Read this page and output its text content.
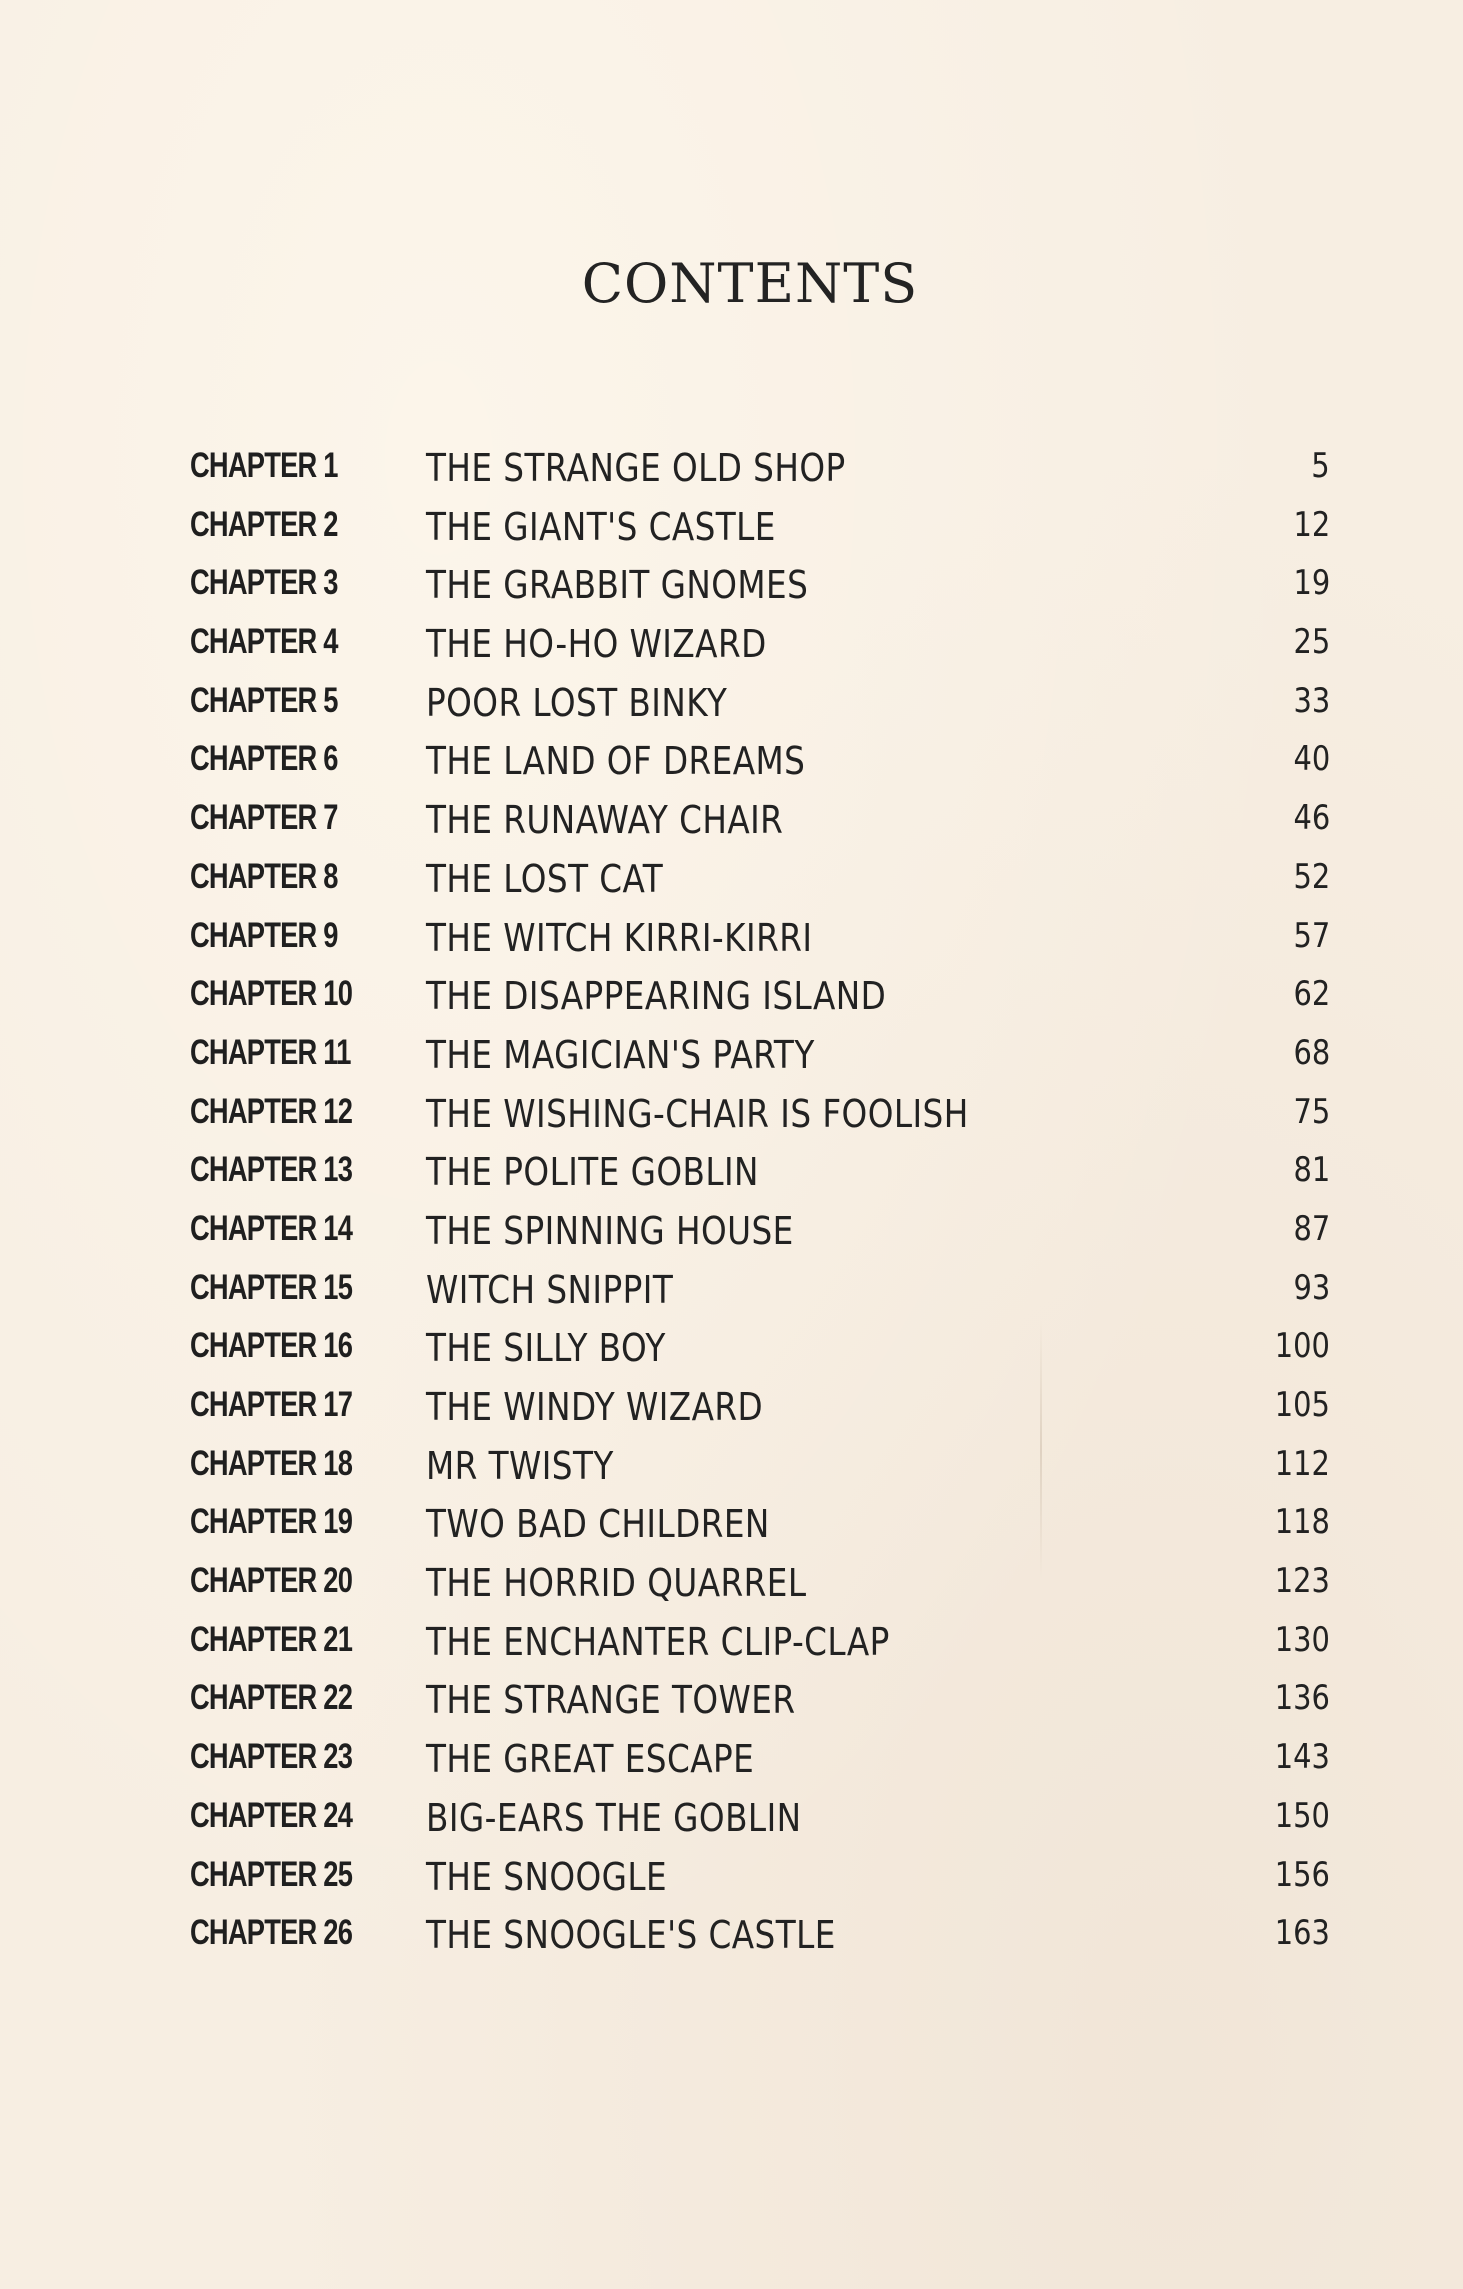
CONTENTS
CHAPTER 1 THE STRANGE OLD SHOP	5
CHAPTER 2 THE GIANT'S CASTLE	12
CHAPTER 3 THE GRABBIT GNOMES	19
CHAPTER 4 THE HO-HO WIZARD	25
CHAPTER 5 POOR LOST BINKY	33
CHAPTER 6 THE LAND OF DREAMS	40
CHAPTER 7 THE RUNAWAY CHAIR	46
CHAPTER 8 THE LOST CAT	52
CHAPTER 9 THE WITCH KIRRI-KIRRI	57
CHAPTER 10 THE DISAPPEARING ISLAND	62
CHAPTER 11 THE MAGICIAN'S PARTY	68
CHAPTER 12 THE WISHING-CHAIR IS FOOLISH	75
CHAPTER 13 THE POLITE GOBLIN	81
CHAPTER 14 THE SPINNING HOUSE	87
CHAPTER 15 WITCH SNIPPIT	93
CHAPTER 16 THE SILLY BOY	100
CHAPTER 17 THE WINDY WIZARD	105
CHAPTER 18 MR TWISTY	112
CHAPTER 19 TWO BAD CHILDREN	118
CHAPTER 20 THE HORRID QUARREL	123
CHAPTER 21 THE ENCHANTER CLIP-CLAP	130
CHAPTER 22 THE STRANGE TOWER	136
CHAPTER 23 THE GREAT ESCAPE	143
CHAPTER 24 BIG-EARS THE GOBLIN	150
CHAPTER 25 THE SNOOGLE	156
CHAPTER 26 THE SNOOGLE'S CASTLE	163
